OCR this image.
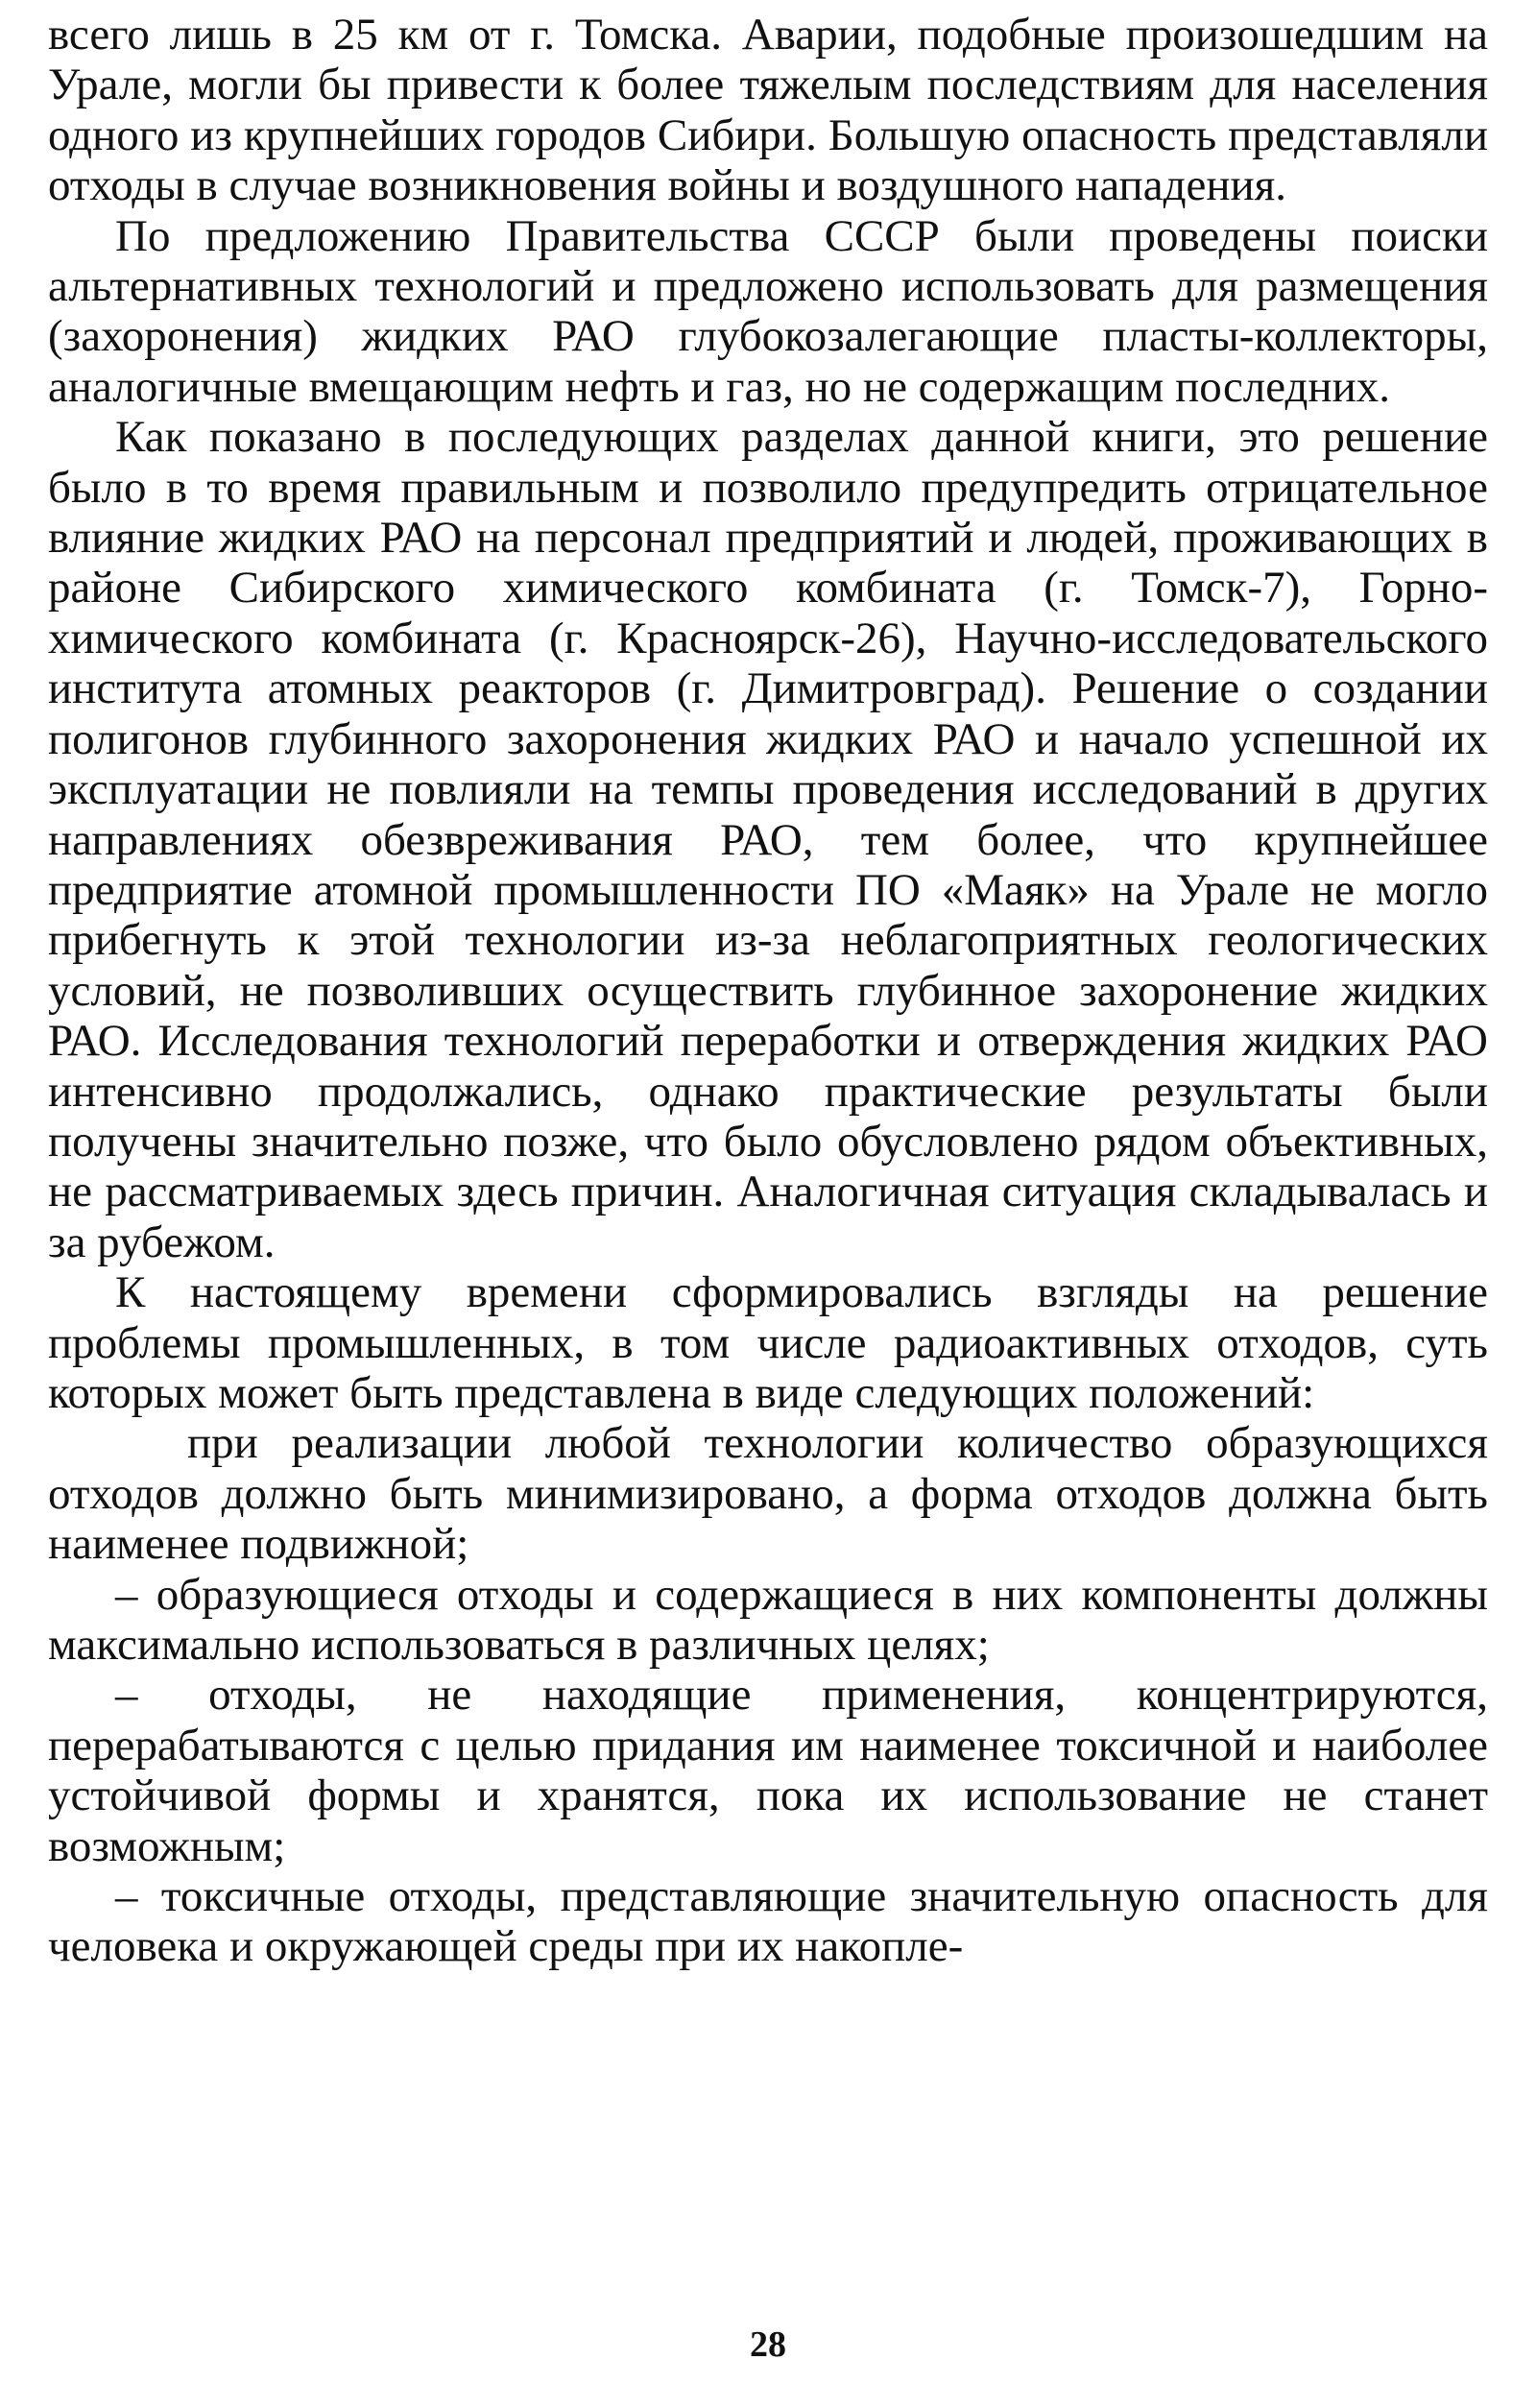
всего лишь в 25 км от г. Томска. Аварии, подобные произошедшим на Урале, могли бы привести к более тяжелым последствиям для населения одного из крупнейших городов Сибири. Большую опасность представляли отходы в случае возникновения войны и воздушного нападения.

По предложению Правительства СССР были проведены поиски альтернативных технологий и предложено использовать для размещения (захоронения) жидких РАО глубокозалегающие пласты-коллекторы, аналогичные вмещающим нефть и газ, но не содержащим последних.

Как показано в последующих разделах данной книги, это решение было в то время правильным и позволило предупредить отрицательное влияние жидких РАО на персонал предприятий и людей, проживающих в районе Сибирского химического комбината (г. Томск-7), Горно-химического комбината (г. Красноярск-26), Научно-исследовательского института атомных реакторов (г. Димитровград). Решение о создании полигонов глубинного захоронения жидких РАО и начало успешной их эксплуатации не повлияли на темпы проведения исследований в других направлениях обезвреживания РАО, тем более, что крупнейшее предприятие атомной промышленности ПО «Маяк» на Урале не могло прибегнуть к этой технологии из-за неблагоприятных геологических условий, не позволивших осуществить глубинное захоронение жидких РАО. Исследования технологий переработки и отверждения жидких РАО интенсивно продолжались, однако практические результаты были получены значительно позже, что было обусловлено рядом объективных, не рассматриваемых здесь причин. Аналогичная ситуация складывалась и за рубежом.

К настоящему времени сформировались взгляды на решение проблемы промышленных, в том числе радиоактивных отходов, суть которых может быть представлена в виде следующих положений:

при реализации любой технологии количество образующихся отходов должно быть минимизировано, а форма отходов должна быть наименее подвижной;

– образующиеся отходы и содержащиеся в них компоненты должны максимально использоваться в различных целях;

– отходы, не находящие применения, концентрируются, перерабатываются с целью придания им наименее токсичной и наиболее устойчивой формы и хранятся, пока их использование не станет возможным;

– токсичные отходы, представляющие значительную опасность для человека и окружающей среды при их накопле-

28
